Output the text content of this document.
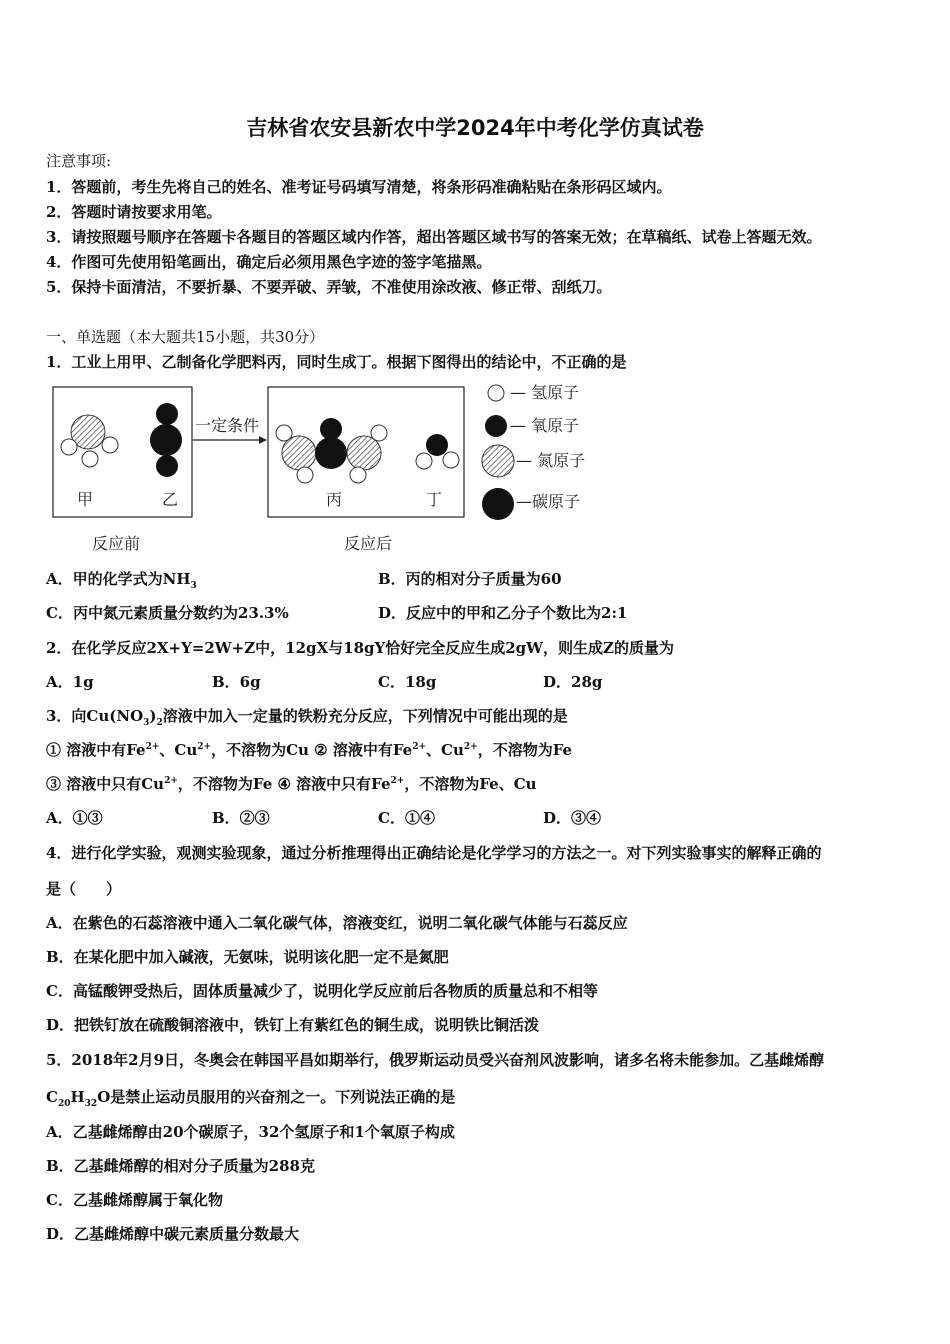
吉林省农安县新农中学2024年中考化学仿真试卷
注意事项:
1．答题前，考生先将自己的姓名、准考证号码填写清楚，将条形码准确粘贴在条形码区域内。
2．答题时请按要求用笔。
3．请按照题号顺序在答题卡各题目的答题区域内作答，超出答题区域书写的答案无效；在草稿纸、试卷上答题无效。
4．作图可先使用铅笔画出，确定后必须用黑色字迹的签字笔描黑。
5．保持卡面清洁，不要折暴、不要弄破、弄皱，不准使用涂改液、修正带、刮纸刀。
一、单选题（本大题共15小题，共30分）
1．工业上用甲、乙制备化学肥料丙，同时生成丁。根据下图得出的结论中，不正确的是
甲	乙
一定条件
丙	丁
反应前	反应后
— 氢原子
— 氧原子
— 氮原子
—碳原子
A．甲的化学式为$NH_3$	B．丙的相对分子质量为60
C．丙中氮元素质量分数约为23.3%	D．反应中的甲和乙分子个数比为2:1
2．在化学反应2X+Y=2W+Z中，12gX与18gY恰好完全反应生成2gW，则生成Z的质量为
A．1g	B．6g	C．18g	D．28g
3．向$Cu(NO_3)_2$溶液中加入一定量的铁粉充分反应，下列情况中可能出现的是
① 溶液中有$Fe^{2+}$、$Cu^{2+}$，不溶物为Cu ② 溶液中有$Fe^{2+}$、$Cu^{2+}$，不溶物为Fe
③ 溶液中只有$Cu^{2+}$，不溶物为Fe ④ 溶液中只有$Fe^{2+}$，不溶物为Fe、Cu
A．①③	B．②③	C．①④	D．③④
4．进行化学实验，观测实验现象，通过分析推理得出正确结论是化学学习的方法之一。对下列实验事实的解释正确的
是（　　）
A．在紫色的石蕊溶液中通入二氧化碳气体，溶液变红，说明二氧化碳气体能与石蕊反应
B．在某化肥中加入碱液，无氨味，说明该化肥一定不是氮肥
C．高锰酸钾受热后，固体质量减少了，说明化学反应前后各物质的质量总和不相等
D．把铁钉放在硫酸铜溶液中，铁钉上有紫红色的铜生成，说明铁比铜活泼
5．2018年2月9日，冬奥会在韩国平昌如期举行，俄罗斯运动员受兴奋剂风波影响，诸多名将未能参加。乙基雌烯醇
$C_{20}H_{32}O$是禁止运动员服用的兴奋剂之一。下列说法正确的是
A．乙基雌烯醇由20个碳原子，32个氢原子和1个氧原子构成
B．乙基雌烯醇的相对分子质量为288克
C．乙基雌烯醇属于氧化物
D．乙基雌烯醇中碳元素质量分数最大
